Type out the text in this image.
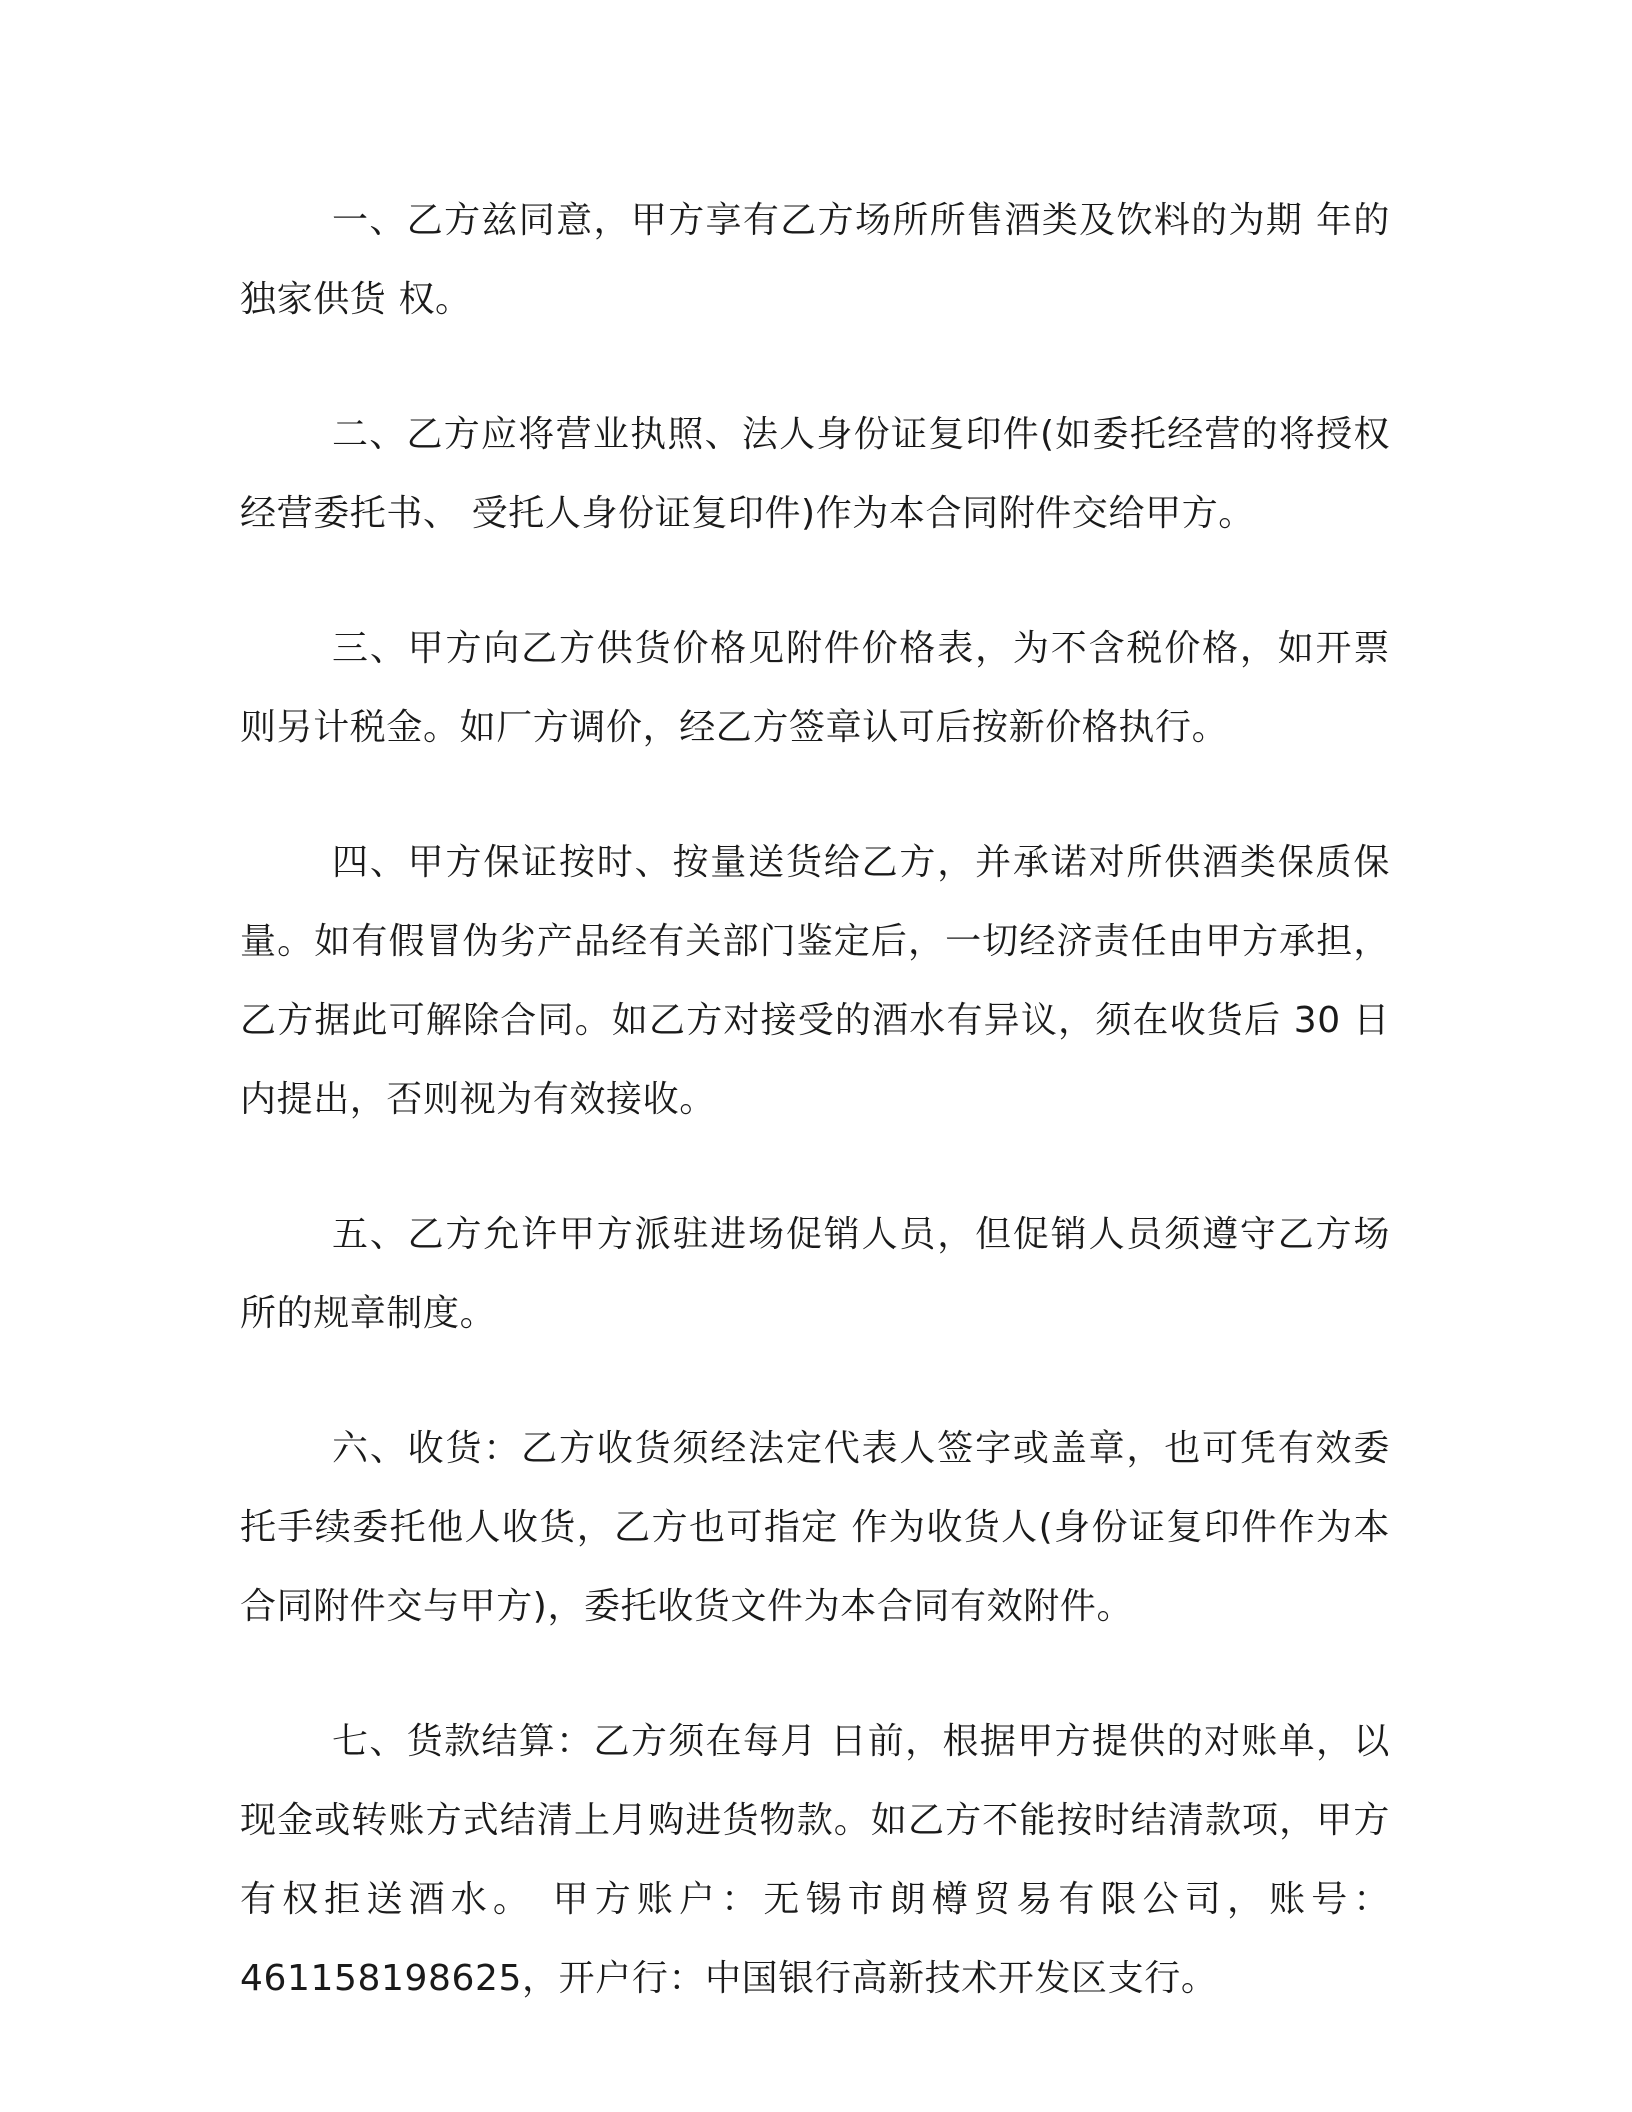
一、乙方兹同意，甲方享有乙方场所所售酒类及饮料的为期 年的独家供货 权。

二、乙方应将营业执照、法人身份证复印件(如委托经营的将授权经营委托书、 受托人身份证复印件)作为本合同附件交给甲方。

三、甲方向乙方供货价格见附件价格表，为不含税价格，如开票则另计税金。如厂方调价，经乙方签章认可后按新价格执行。

四、甲方保证按时、按量送货给乙方，并承诺对所供酒类保质保量。如有假冒伪劣产品经有关部门鉴定后，一切经济责任由甲方承担，乙方据此可解除合同。如乙方对接受的酒水有异议，须在收货后 30 日内提出，否则视为有效接收。

五、乙方允许甲方派驻进场促销人员，但促销人员须遵守乙方场所的规章制度。

六、收货：乙方收货须经法定代表人签字或盖章，也可凭有效委托手续委托他人收货，乙方也可指定 作为收货人(身份证复印件作为本合同附件交与甲方)，委托收货文件为本合同有效附件。

七、货款结算：乙方须在每月 日前，根据甲方提供的对账单，以现金或转账方式结清上月购进货物款。如乙方不能按时结清款项，甲方有权拒送酒水。 甲方账户：无锡市朗樽贸易有限公司，账号：461158198625，开户行：中国银行高新技术开发区支行。
